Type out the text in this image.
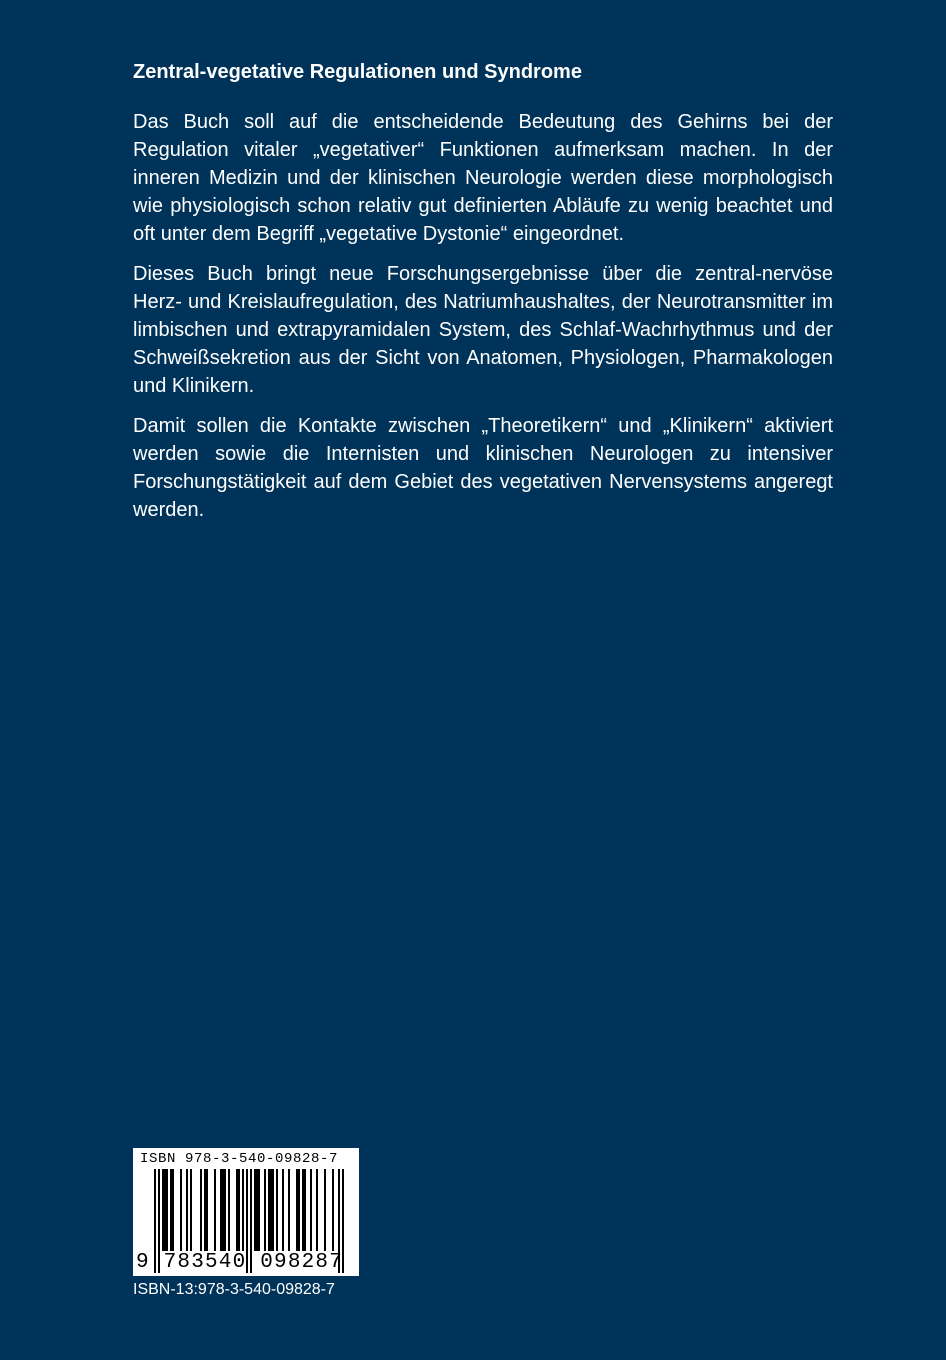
Zentral-vegetative Regulationen und Syndrome

Das Buch soll auf die entscheidende Bedeutung des Gehirns bei der Regulation vitaler „vegetativer“ Funktionen aufmerksam machen. In der inneren Medizin und der klinischen Neurologie werden diese morphologisch wie physiologisch schon relativ gut definierten Abläufe zu wenig beachtet und oft unter dem Begriff „vegetative Dystonie“ eingeordnet.

Dieses Buch bringt neue Forschungsergebnisse über die zentral-nervöse Herz- und Kreislaufregulation, des Natriumhaushaltes, der Neurotransmitter im limbischen und extrapyramidalen System, des Schlaf-Wachrhythmus und der Schweißsekretion aus der Sicht von Anatomen, Physiologen, Pharmakologen und Klinikern.

Damit sollen die Kontakte zwischen „Theoretikern“ und „Klinikern“ aktiviert werden sowie die Internisten und klinischen Neurologen zu intensiver Forschungstätigkeit auf dem Gebiet des vegetativen Nervensystems angeregt werden.

ISBN 978-3-540-09828-7
9 783540 098287
ISBN-13:978-3-540-09828-7
